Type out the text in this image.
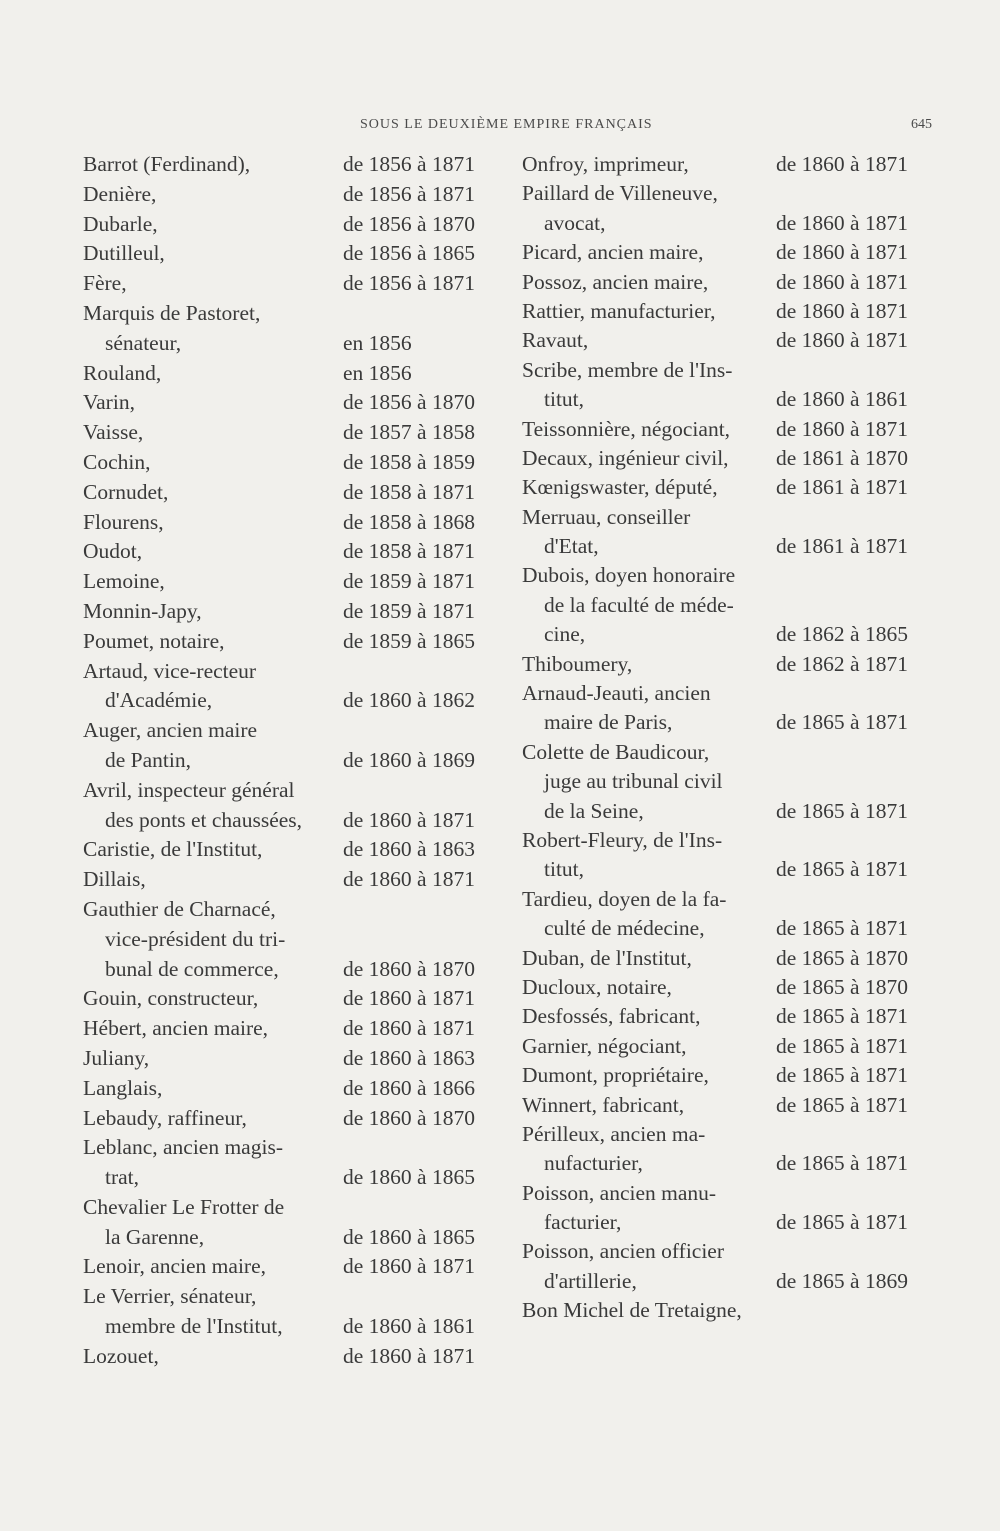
SOUS LE DEUXIÈME EMPIRE FRANÇAIS	645
Barrot (Ferdinand),	de 1856 à 1871
Denière,	de 1856 à 1871
Dubarle,	de 1856 à 1870
Dutilleul,	de 1856 à 1865
Fère,	de 1856 à 1871
Marquis de Pastoret,
sénateur,	en 1856
Rouland,	en 1856
Varin,	de 1856 à 1870
Vaisse,	de 1857 à 1858
Cochin,	de 1858 à 1859
Cornudet,	de 1858 à 1871
Flourens,	de 1858 à 1868
Oudot,	de 1858 à 1871
Lemoine,	de 1859 à 1871
Monnin-Japy,	de 1859 à 1871
Poumet, notaire,	de 1859 à 1865
Artaud, vice-recteur
d'Académie,	de 1860 à 1862
Auger, ancien maire
de Pantin,	de 1860 à 1869
Avril, inspecteur général
des ponts et chaussées, de 1860 à 1871
Caristie, de l'Institut,	de 1860 à 1863
Dillais,	de 1860 à 1871
Gauthier de Charnacé,
vice-président du tri-
bunal de commerce,	de 1860 à 1870
Gouin, constructeur,	de 1860 à 1871
Hébert, ancien maire,	de 1860 à 1871
Juliany,	de 1860 à 1863
Langlais,	de 1860 à 1866
Lebaudy, raffineur,	de 1860 à 1870
Leblanc, ancien magis-
trat,	de 1860 à 1865
Chevalier Le Frotter de
la Garenne,	de 1860 à 1865
Lenoir, ancien maire,	de 1860 à 1871
Le Verrier, sénateur,
membre de l'Institut,	de 1860 à 1861
Lozouet,	de 1860 à 1871
Onfroy, imprimeur,	de 1860 à 1871
Paillard de Villeneuve,
avocat,	de 1860 à 1871
Picard, ancien maire,	de 1860 à 1871
Possoz, ancien maire,	de 1860 à 1871
Rattier, manufacturier,	de 1860 à 1871
Ravaut,	de 1860 à 1871
Scribe, membre de l'Ins-
titut,	de 1860 à 1861
Teissonnière, négociant, de 1860 à 1871
Decaux, ingénieur civil, de 1861 à 1870
Kœnigswaster, député,	de 1861 à 1871
Merruau, conseiller
d'Etat,	de 1861 à 1871
Dubois, doyen honoraire
de la faculté de méde-
cine,	de 1862 à 1865
Thiboumery,	de 1862 à 1871
Arnaud-Jeauti, ancien
maire de Paris,	de 1865 à 1871
Colette de Baudicour,
juge au tribunal civil
de la Seine,	de 1865 à 1871
Robert-Fleury, de l'Ins-
titut,	de 1865 à 1871
Tardieu, doyen de la fa-
culté de médecine,	de 1865 à 1871
Duban, de l'Institut,	de 1865 à 1870
Ducloux, notaire,	de 1865 à 1870
Desfossés, fabricant,	de 1865 à 1871
Garnier, négociant,	de 1865 à 1871
Dumont, propriétaire,	de 1865 à 1871
Winnert, fabricant,	de 1865 à 1871
Périlleux, ancien ma-
nufacturier,	de 1865 à 1871
Poisson, ancien manu-
facturier,	de 1865 à 1871
Poisson, ancien officier
d'artillerie,	de 1865 à 1869
Bon Michel de Tretaigne,
